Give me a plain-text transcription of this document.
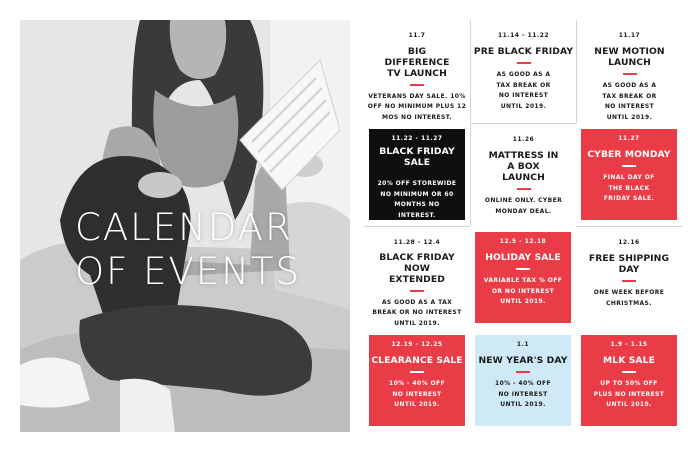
CALENDAR
OF EVENTS
11.7
BIG DIFFERENCE TV LAUNCH
VETERANS DAY SALE. 10% OFF NO MINIMUM PLUS 12 MOS NO INTEREST.
11.14 - 11.22
PRE BLACK FRIDAY
AS GOOD AS A TAX BREAK OR NO INTEREST UNTIL 2019.
11.17
NEW MOTION LAUNCH
AS GOOD AS A TAX BREAK OR NO INTEREST UNTIL 2019.
11.22 - 11.27
BLACK FRIDAY SALE
20% OFF STOREWIDE NO MINIMUM OR 60 MONTHS NO INTEREST.
11.26
MATTRESS IN A BOX LAUNCH
ONLINE ONLY. CYBER MONDAY DEAL.
11.27
CYBER MONDAY
FINAL DAY OF THE BLACK FRIDAY SALE.
11.28 - 12.4
BLACK FRIDAY NOW EXTENDED
AS GOOD AS A TAX BREAK OR NO INTEREST UNTIL 2019.
12.5 - 12.18
HOLIDAY SALE
VARIABLE TAX % OFF OR NO INTEREST UNTIL 2019.
12.16
FREE SHIPPING DAY
ONE WEEK BEFORE CHRISTMAS.
12.19 - 12.25
CLEARANCE SALE
10% - 40% OFF NO INTEREST UNTIL 2019.
1.1
NEW YEAR'S DAY
10% - 40% OFF NO INTEREST UNTIL 2019.
1.9 - 1.15
MLK SALE
UP TO 50% OFF PLUS NO INTEREST UNTIL 2019.
